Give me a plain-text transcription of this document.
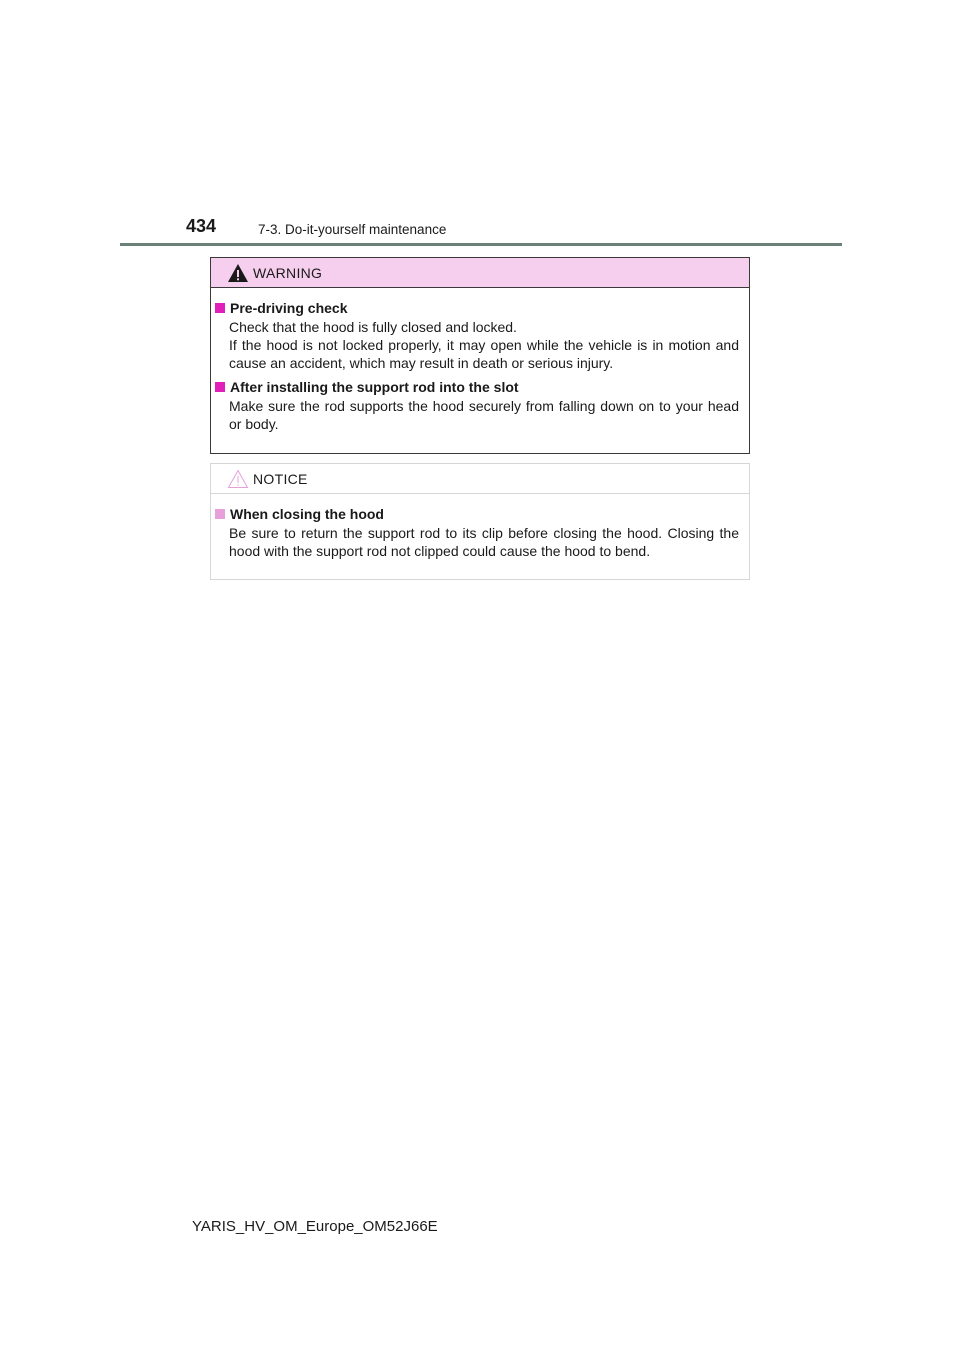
434	7-3. Do-it-yourself maintenance
WARNING
Pre-driving check
Check that the hood is fully closed and locked.
If the hood is not locked properly, it may open while the vehicle is in motion and cause an accident, which may result in death or serious injury.
After installing the support rod into the slot
Make sure the rod supports the hood securely from falling down on to your head or body.
NOTICE
When closing the hood
Be sure to return the support rod to its clip before closing the hood. Closing the hood with the support rod not clipped could cause the hood to bend.
YARIS_HV_OM_Europe_OM52J66E
